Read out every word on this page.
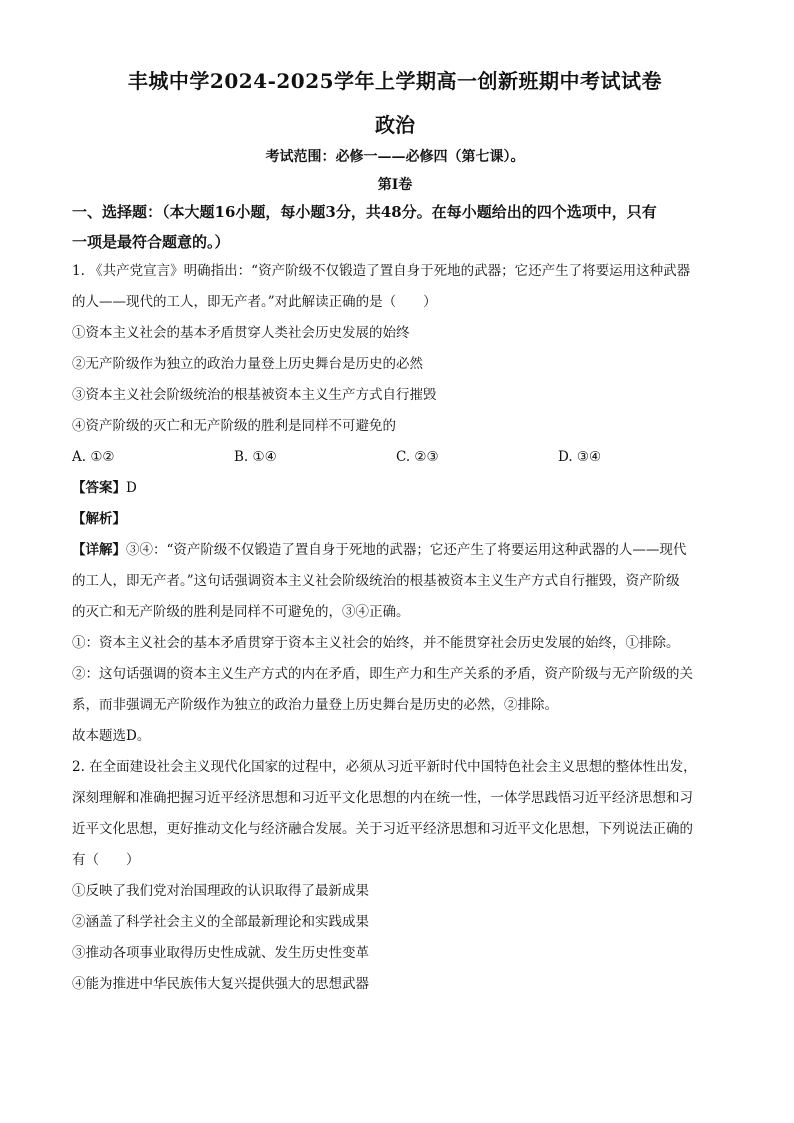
丰城中学2024-2025学年上学期高一创新班期中考试试卷
政治

考试范围：必修一——必修四（第七课）。

第Ⅰ卷

一、选择题：（本大题16小题，每小题3分，共48分。在每小题给出的四个选项中，只有

一项是最符合题意的。）

1. 《共产党宣言》明确指出：“资产阶级不仅锻造了置自身于死地的武器；它还产生了将要运用这种武器

的人——现代的工人，即无产者。”对此解读正确的是（　　）

①资本主义社会的基本矛盾贯穿人类社会历史发展的始终

②无产阶级作为独立的政治力量登上历史舞台是历史的必然

③资本主义社会阶级统治的根基被资本主义生产方式自行摧毁

④资产阶级的灭亡和无产阶级的胜利是同样不可避免的

A. ①②	B. ①④	C. ②③	D. ③④

【答案】D

【解析】

【详解】③④：“资产阶级不仅锻造了置自身于死地的武器；它还产生了将要运用这种武器的人——现代

的工人，即无产者。”这句话强调资本主义社会阶级统治的根基被资本主义生产方式自行摧毁，资产阶级

的灭亡和无产阶级的胜利是同样不可避免的，③④正确。

①：资本主义社会的基本矛盾贯穿于资本主义社会的始终，并不能贯穿社会历史发展的始终，①排除。

②：这句话强调的资本主义生产方式的内在矛盾，即生产力和生产关系的矛盾，资产阶级与无产阶级的关

系，而非强调无产阶级作为独立的政治力量登上历史舞台是历史的必然，②排除。

故本题选D。

2. 在全面建设社会主义现代化国家的过程中，必须从习近平新时代中国特色社会主义思想的整体性出发，

深刻理解和准确把握习近平经济思想和习近平文化思想的内在统一性，一体学思践悟习近平经济思想和习

近平文化思想，更好推动文化与经济融合发展。关于习近平经济思想和习近平文化思想，下列说法正确的

有（　　）

①反映了我们党对治国理政的认识取得了最新成果

②涵盖了科学社会主义的全部最新理论和实践成果

③推动各项事业取得历史性成就、发生历史性变革

④能为推进中华民族伟大复兴提供强大的思想武器
